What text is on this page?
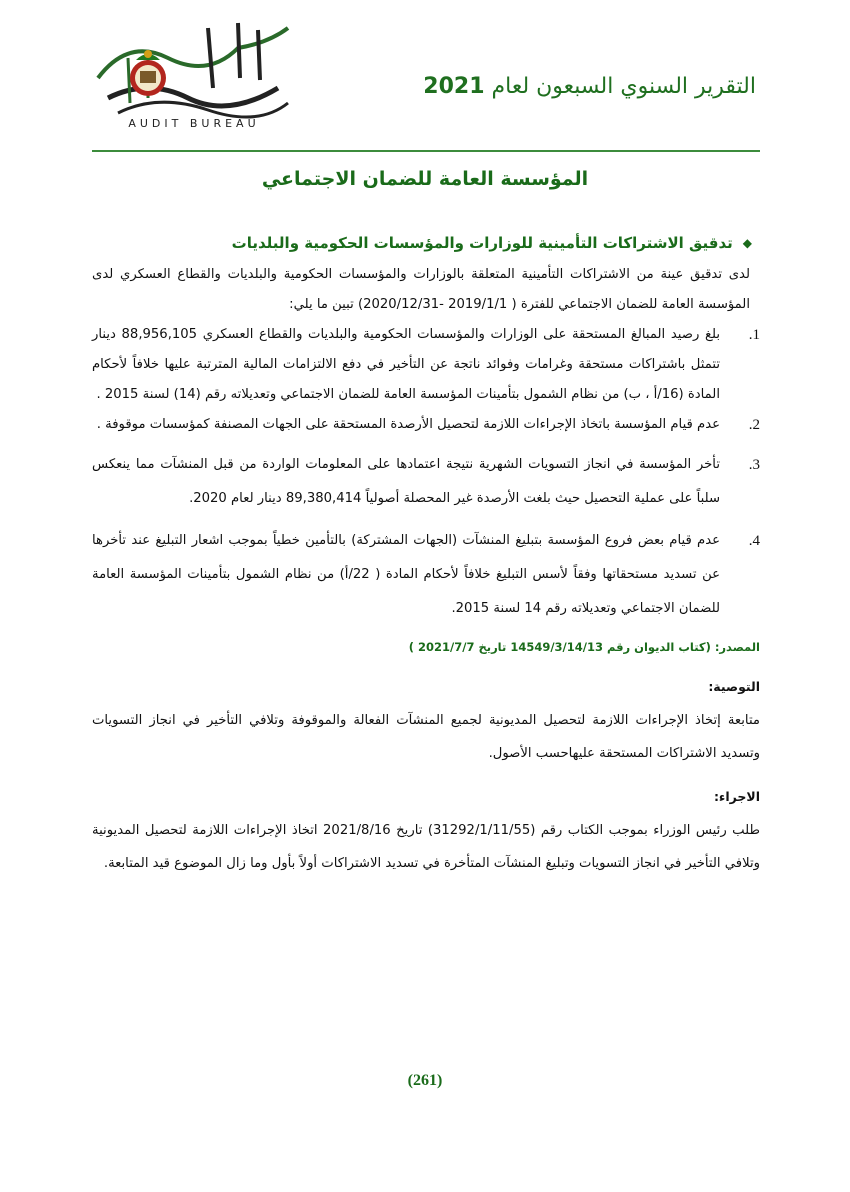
AUDIT BUREAU
التقرير السنوي السبعون لعام 2021
المؤسسة العامة للضمان الاجتماعي
◆
تدقيق الاشتراكات التأمينية للوزارات والمؤسسات الحكومية والبلديات

لدى تدقيق عينة من الاشتراكات التأمينية المتعلقة بالوزارات والمؤسسات الحكومية والبلديات والقطاع العسكري لدى المؤسسة العامة للضمان الاجتماعي للفترة ( 2019/1/1 -2020/12/31) تبين ما يلي:

1.
بلغ رصيد المبالغ المستحقة على الوزارات والمؤسسات الحكومية والبلديات والقطاع العسكري 88,956,105 دينار تتمثل باشتراكات مستحقة وغرامات وفوائد ناتجة عن التأخير في دفع الالتزامات المالية المترتبة عليها خلافاً لأحكام المادة (16/أ ، ب) من نظام الشمول بتأمينات المؤسسة العامة للضمان الاجتماعي وتعديلاته رقم (14) لسنة 2015 .
2.
عدم قيام المؤسسة باتخاذ الإجراءات اللازمة لتحصيل الأرصدة المستحقة على الجهات المصنفة كمؤسسات موقوفة .
3.
تأخر المؤسسة في انجاز التسويات الشهرية نتيجة اعتمادها على المعلومات الواردة من قبل المنشآت مما ينعكس سلباً على عملية التحصيل حيث بلغت الأرصدة غير المحصلة أصولياً 89,380,414 دينار لعام 2020.
4.
عدم قيام بعض فروع المؤسسة بتبليغ المنشآت (الجهات المشتركة) بالتأمين خطياً بموجب اشعار التبليغ عند تأخرها عن تسديد مستحقاتها وفقاً لأسس التبليغ خلافاً لأحكام المادة ( 22/أ) من نظام الشمول بتأمينات المؤسسة العامة للضمان الاجتماعي وتعديلاته رقم 14 لسنة 2015.
المصدر: (كتاب الديوان رقم 14549/3/14/13 تاريخ 2021/7/7 )
التوصية:

متابعة إتخاذ الإجراءات اللازمة لتحصيل المديونية لجميع المنشآت الفعالة والموقوفة وتلافي التأخير في انجاز التسويات وتسديد الاشتراكات المستحقة عليهاحسب الأصول.

الاجراء:

طلب رئيس الوزراء بموجب الكتاب رقم (31292/1/11/55) تاريخ 2021/8/16 اتخاذ الإجراءات اللازمة لتحصيل المديونية وتلافي التأخير في انجاز التسويات وتبليغ المنشآت المتأخرة في تسديد الاشتراكات أولاً بأول وما زال الموضوع قيد المتابعة.

(261)
